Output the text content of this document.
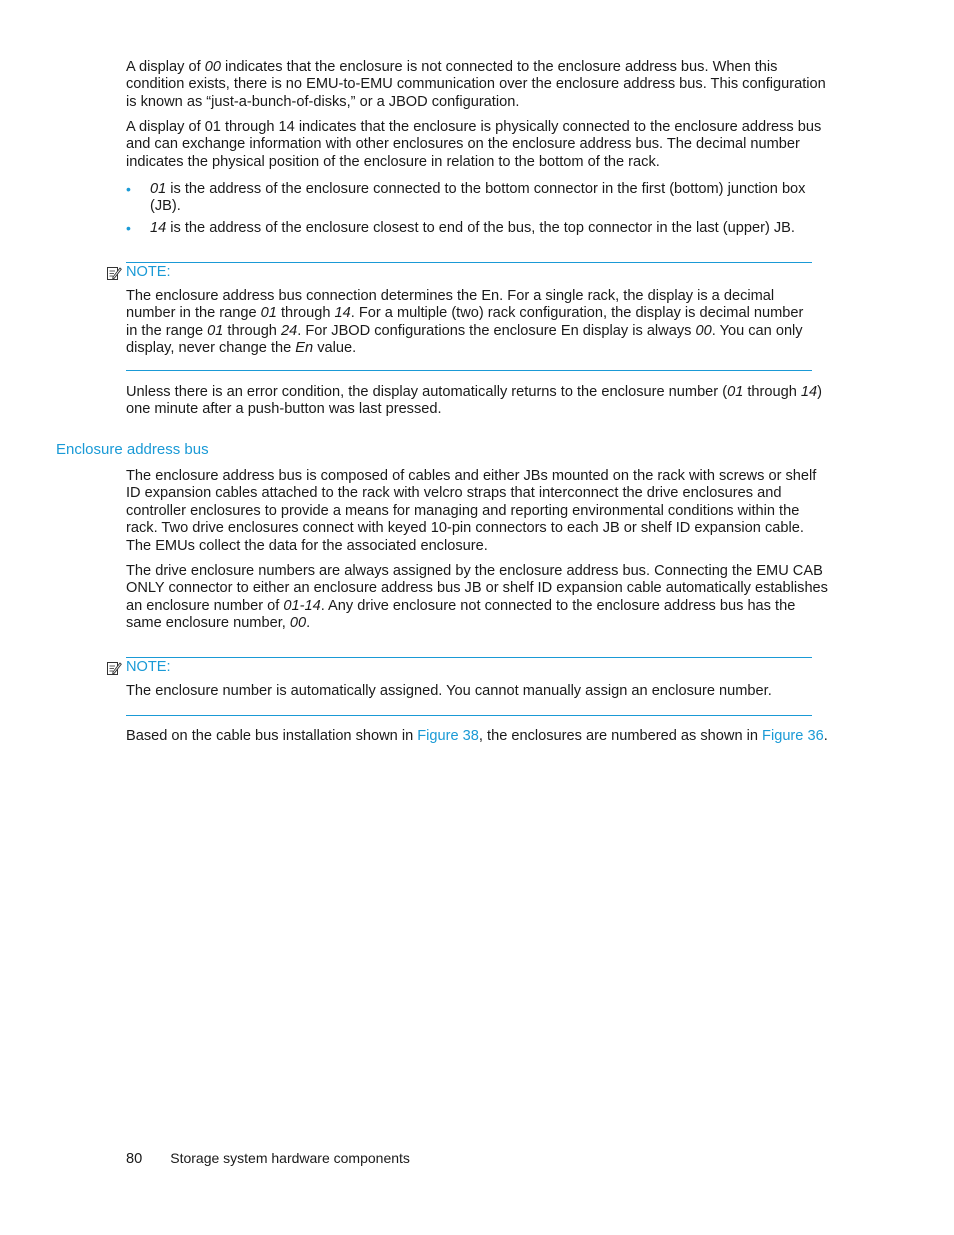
A display of 00 indicates that the enclosure is not connected to the enclosure address bus. When this condition exists, there is no EMU-to-EMU communication over the enclosure address bus. This configuration is known as “just-a-bunch-of-disks,” or a JBOD configuration.

A display of 01 through 14 indicates that the enclosure is physically connected to the enclosure address bus and can exchange information with other enclosures on the enclosure address bus. The decimal number indicates the physical position of the enclosure in relation to the bottom of the rack.

• 01 is the address of the enclosure connected to the bottom connector in the first (bottom) junction box (JB).

• 14 is the address of the enclosure closest to end of the bus, the top connector in the last (upper) JB.

NOTE:

The enclosure address bus connection determines the En. For a single rack, the display is a decimal number in the range 01 through 14. For a multiple (two) rack configuration, the display is decimal number in the range 01 through 24. For JBOD configurations the enclosure En display is always 00. You can only display, never change the En value.

Unless there is an error condition, the display automatically returns to the enclosure number (01 through 14) one minute after a push-button was last pressed.

Enclosure address bus

The enclosure address bus is composed of cables and either JBs mounted on the rack with screws or shelf ID expansion cables attached to the rack with velcro straps that interconnect the drive enclosures and controller enclosures to provide a means for managing and reporting environmental conditions within the rack. Two drive enclosures connect with keyed 10-pin connectors to each JB or shelf ID expansion cable. The EMUs collect the data for the associated enclosure.

The drive enclosure numbers are always assigned by the enclosure address bus. Connecting the EMU CAB ONLY connector to either an enclosure address bus JB or shelf ID expansion cable automatically establishes an enclosure number of 01-14. Any drive enclosure not connected to the enclosure address bus has the same enclosure number, 00.

NOTE:

The enclosure number is automatically assigned. You cannot manually assign an enclosure number.

Based on the cable bus installation shown in Figure 38, the enclosures are numbered as shown in Figure 36.

80 Storage system hardware components
